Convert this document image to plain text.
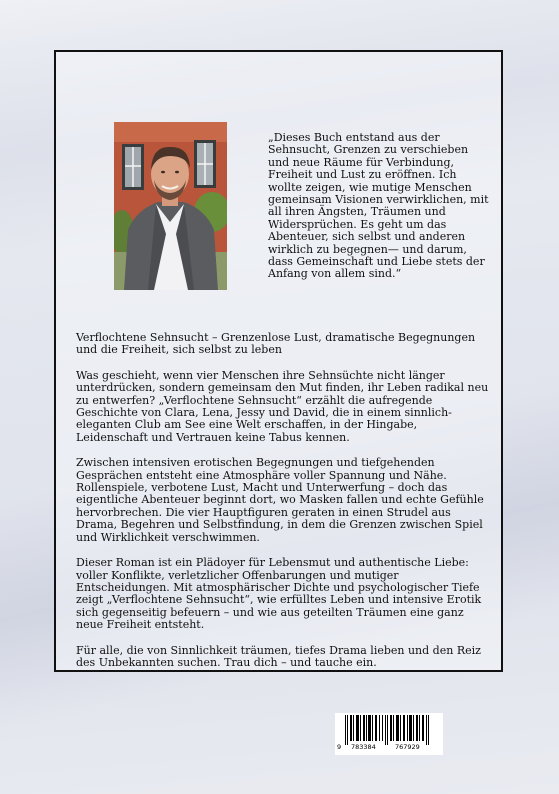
„Dieses Buch entstand aus der Sehnsucht, Grenzen zu verschieben und neue Räume für Verbindung, Freiheit und Lust zu eröffnen. Ich wollte zeigen, wie mutige Menschen gemeinsam Visionen verwirklichen, mit all ihren Ängsten, Träumen und Widersprüchen. Es geht um das Abenteuer, sich selbst und anderen wirklich zu begegnen— und darum, dass Gemeinschaft und Liebe stets der Anfang von allem sind.“

Verflochtene Sehnsucht – Grenzenlose Lust, dramatische Begegnungen und die Freiheit, sich selbst zu leben

Was geschieht, wenn vier Menschen ihre Sehnsüchte nicht länger unterdrücken, sondern gemeinsam den Mut finden, ihr Leben radikal neu zu entwerfen? „Verflochtene Sehnsucht“ erzählt die aufregende Geschichte von Clara, Lena, Jessy und David, die in einem sinnlich-eleganten Club am See eine Welt erschaffen, in der Hingabe, Leidenschaft und Vertrauen keine Tabus kennen.

Zwischen intensiven erotischen Begegnungen und tiefgehenden Gesprächen entsteht eine Atmosphäre voller Spannung und Nähe. Rollenspiele, verbotene Lust, Macht und Unterwerfung – doch das eigentliche Abenteuer beginnt dort, wo Masken fallen und echte Gefühle hervorbrechen. Die vier Hauptfiguren geraten in einen Strudel aus Drama, Begehren und Selbstfindung, in dem die Grenzen zwischen Spiel und Wirklichkeit verschwimmen.

Dieser Roman ist ein Plädoyer für Lebensmut und authentische Liebe: voller Konflikte, verletzlicher Offenbarungen und mutiger Entscheidungen. Mit atmosphärischer Dichte und psychologischer Tiefe zeigt „Verflochtene Sehnsucht“, wie erfülltes Leben und intensive Erotik sich gegenseitig befeuern – und wie aus geteilten Träumen eine ganz neue Freiheit entsteht.

Für alle, die von Sinnlichkeit träumen, tiefes Drama lieben und den Reiz des Unbekannten suchen. Trau dich – und tauche ein.

9 783384	767929
